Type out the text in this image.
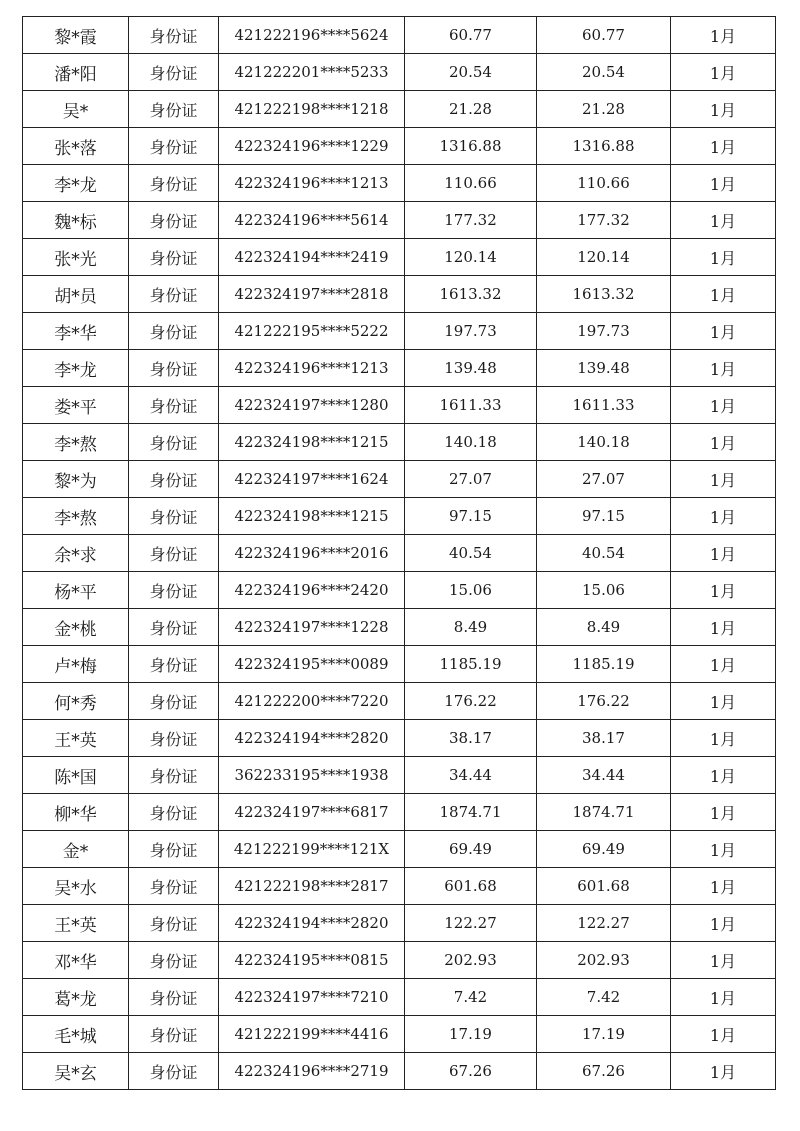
黎*霞	身份证	421222196****5624	60.77	60.77	1月
潘*阳	身份证	421222201****5233	20.54	20.54	1月
吴*	身份证	421222198****1218	21.28	21.28	1月
张*落	身份证	422324196****1229	1316.88	1316.88	1月
李*龙	身份证	422324196****1213	110.66	110.66	1月
魏*标	身份证	422324196****5614	177.32	177.32	1月
张*光	身份证	422324194****2419	120.14	120.14	1月
胡*员	身份证	422324197****2818	1613.32	1613.32	1月
李*华	身份证	421222195****5222	197.73	197.73	1月
李*龙	身份证	422324196****1213	139.48	139.48	1月
娄*平	身份证	422324197****1280	1611.33	1611.33	1月
李*熬	身份证	422324198****1215	140.18	140.18	1月
黎*为	身份证	422324197****1624	27.07	27.07	1月
李*熬	身份证	422324198****1215	97.15	97.15	1月
余*求	身份证	422324196****2016	40.54	40.54	1月
杨*平	身份证	422324196****2420	15.06	15.06	1月
金*桃	身份证	422324197****1228	8.49	8.49	1月
卢*梅	身份证	422324195****0089	1185.19	1185.19	1月
何*秀	身份证	421222200****7220	176.22	176.22	1月
王*英	身份证	422324194****2820	38.17	38.17	1月
陈*国	身份证	362233195****1938	34.44	34.44	1月
柳*华	身份证	422324197****6817	1874.71	1874.71	1月
金*	身份证	421222199****121X	69.49	69.49	1月
吴*水	身份证	421222198****2817	601.68	601.68	1月
王*英	身份证	422324194****2820	122.27	122.27	1月
邓*华	身份证	422324195****0815	202.93	202.93	1月
葛*龙	身份证	422324197****7210	7.42	7.42	1月
毛*城	身份证	421222199****4416	17.19	17.19	1月
吴*玄	身份证	422324196****2719	67.26	67.26	1月
